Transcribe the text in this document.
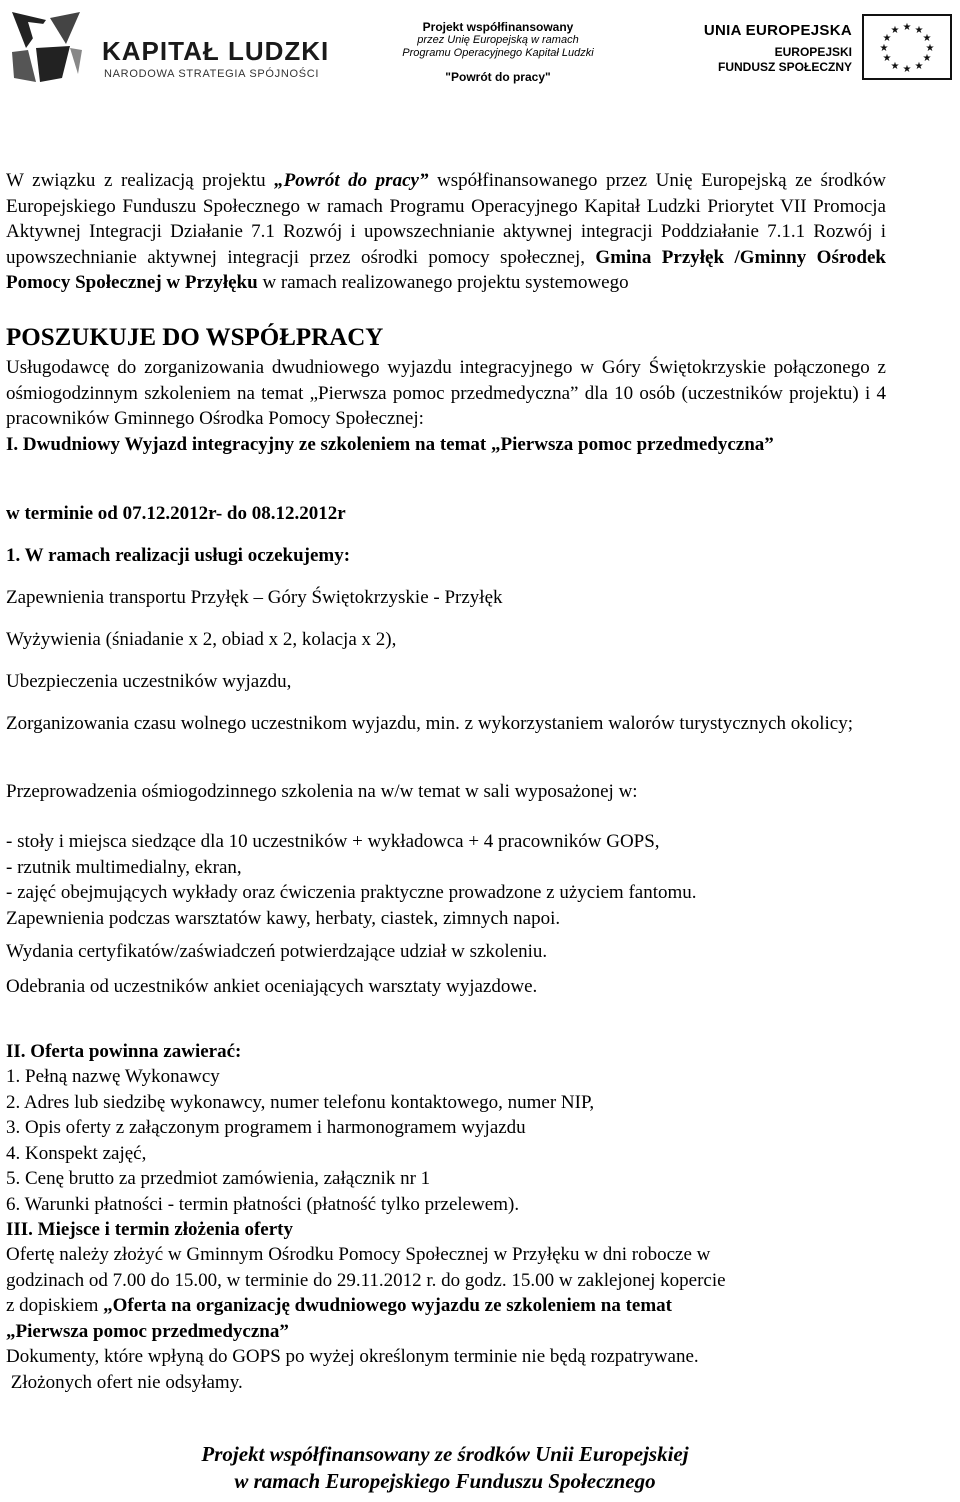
KAPITAŁ LUDZKI
NARODOWA STRATEGIA SPÓJNOŚCI
Projekt współfinansowany
przez Unię Europejską w ramach
Programu Operacyjnego Kapitał Ludzki
"Powrót do pracy"
UNIA EUROPEJSKA
EUROPEJSKI
FUNDUSZ SPOŁECZNY
★ ★
★
★
★
★
★
★
★
★
★
★

W związku z realizacją projektu „Powrót do pracy” współfinansowanego przez Unię Europejską ze środków Europejskiego Funduszu Społecznego w ramach Programu Operacyjnego Kapitał Ludzki Priorytet VII Promocja Aktywnej Integracji Działanie 7.1 Rozwój i upowszechnianie aktywnej integracji Poddziałanie 7.1.1 Rozwój i upowszechnianie aktywnej integracji przez ośrodki pomocy społecznej, Gmina Przyłęk /Gminny Ośrodek Pomocy Społecznej w Przyłęku w ramach realizowanego projektu systemowego

POSZUKUJE DO WSPÓŁPRACY

Usługodawcę do zorganizowania dwudniowego wyjazdu integracyjnego w Góry Świętokrzyskie połączonego z ośmiogodzinnym szkoleniem na temat „Pierwsza pomoc przedmedyczna” dla 10 osób (uczestników projektu) i 4 pracowników Gminnego Ośrodka Pomocy Społecznej:

I. Dwudniowy Wyjazd integracyjny ze szkoleniem na temat „Pierwsza pomoc przedmedyczna”

w terminie od 07.12.2012r- do 08.12.2012r
1. W ramach realizacji usługi oczekujemy:
Zapewnienia transportu Przyłęk – Góry Świętokrzyskie - Przyłęk
Wyżywienia (śniadanie x 2, obiad x 2, kolacja x 2),
Ubezpieczenia uczestników wyjazdu,

Zorganizowania czasu wolnego uczestnikom wyjazdu, min. z wykorzystaniem walorów turystycznych okolicy;

Przeprowadzenia ośmiogodzinnego szkolenia na w/w temat w sali wyposażonej w:
- stoły i miejsca siedzące dla 10 uczestników + wykładowca + 4 pracowników GOPS,
- rzutnik multimedialny, ekran,
- zajęć obejmujących wykłady oraz ćwiczenia praktyczne prowadzone z użyciem fantomu.
Zapewnienia podczas warsztatów kawy, herbaty, ciastek, zimnych napoi.
Wydania certyfikatów/zaświadczeń potwierdzające udział w szkoleniu.
Odebrania od uczestników ankiet oceniających warsztaty wyjazdowe.
II. Oferta powinna zawierać:
1. Pełną nazwę Wykonawcy
2. Adres lub siedzibę wykonawcy, numer telefonu kontaktowego, numer NIP,
3. Opis oferty z załączonym programem i harmonogramem wyjazdu
4. Konspekt zajęć,
5. Cenę brutto za przedmiot zamówienia, załącznik nr 1
6. Warunki płatności - termin płatności (płatność tylko przelewem).
III. Miejsce i termin złożenia oferty
Ofertę należy złożyć w Gminnym Ośrodku Pomocy Społecznej w Przyłęku w dni robocze w
godzinach od 7.00 do 15.00, w terminie do 29.11.2012 r. do godz. 15.00 w zaklejonej kopercie
z dopiskiem „Oferta na organizację dwudniowego wyjazdu ze szkoleniem na temat
„Pierwsza pomoc przedmedyczna”
Dokumenty, które wpłyną do GOPS po wyżej określonym terminie nie będą rozpatrywane.
Złożonych ofert nie odsyłamy.
Projekt współfinansowany ze środków Unii Europejskiej
w ramach Europejskiego Funduszu Społecznego
